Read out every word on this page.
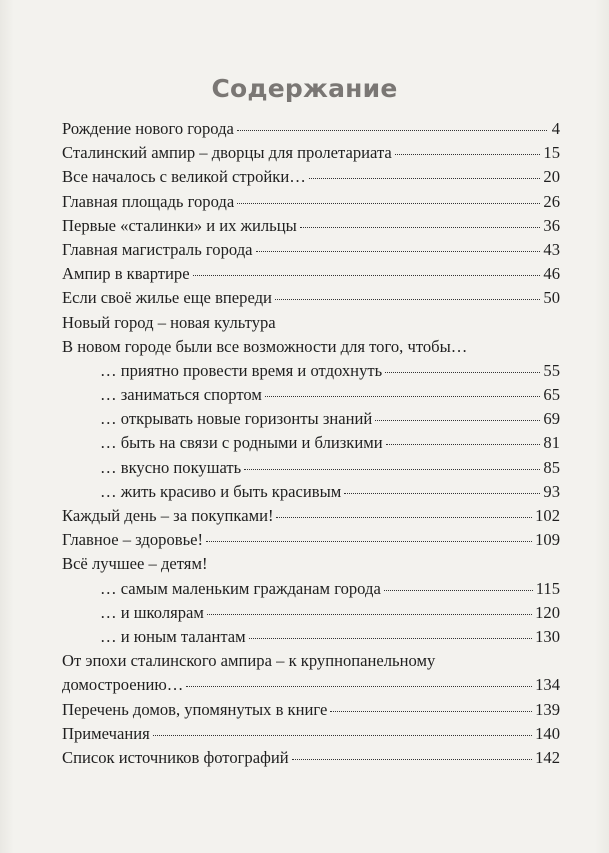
Содержание
Рождение нового города	4
Сталинский ампир – дворцы для пролетариата	15
Все началось с великой стройки…	20
Главная площадь города	26
Первые «сталинки» и их жильцы	36
Главная магистраль города	43
Ампир в квартире	46
Если своё жилье еще впереди	50
Новый город – новая культура
В новом городе были все возможности для того, чтобы…
… приятно провести время и отдохнуть	55
… заниматься спортом	65
… открывать новые горизонты знаний	69
… быть на связи с родными и близкими	81
… вкусно покушать	85
… жить красиво и быть красивым	93
Каждый день – за покупками!	102
Главное – здоровье!	109
Всё лучшее – детям!
… самым маленьким гражданам города	115
… и школярам	120
… и юным талантам	130
От эпохи сталинского ампира – к крупнопанельному
домостроению…	134
Перечень домов, упомянутых в книге	139
Примечания	140
Список источников фотографий	142
